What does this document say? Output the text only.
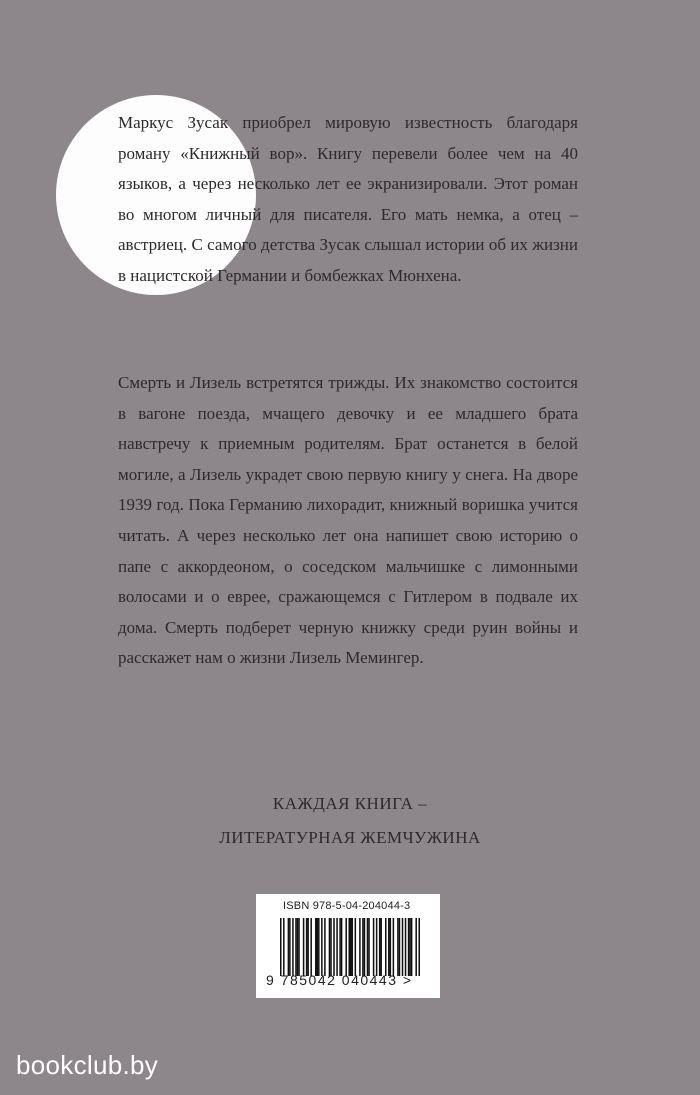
Маркус Зусак приобрел мировую известность благодаря роману «Книжный вор». Книгу перевели более чем на 40 языков, а через несколько лет ее экранизировали. Этот роман во многом личный для писателя. Его мать немка, а отец – австриец. С самого детства Зусак слышал истории об их жизни в нацистской Германии и бомбежках Мюнхена.

Смерть и Лизель встретятся трижды. Их знакомство состоится в вагоне поезда, мчащего девочку и ее младшего брата навстречу к приемным родителям. Брат останется в белой могиле, а Лизель украдет свою первую книгу у снега. На дворе 1939 год. Пока Германию лихорадит, книжный воришка учится читать. А через несколько лет она напишет свою историю о папе с аккордеоном, о соседском мальчишке с лимонными волосами и о еврее, сражающемся с Гитлером в подвале их дома. Смерть подберет черную книжку среди руин войны и расскажет нам о жизни Лизель Мемингер.

КАЖДАЯ КНИГА –
ЛИТЕРАТУРНАЯ ЖЕМЧУЖИНА
ISBN 978-5-04-204044-3
9 785042 040443 >
bookclub.by
